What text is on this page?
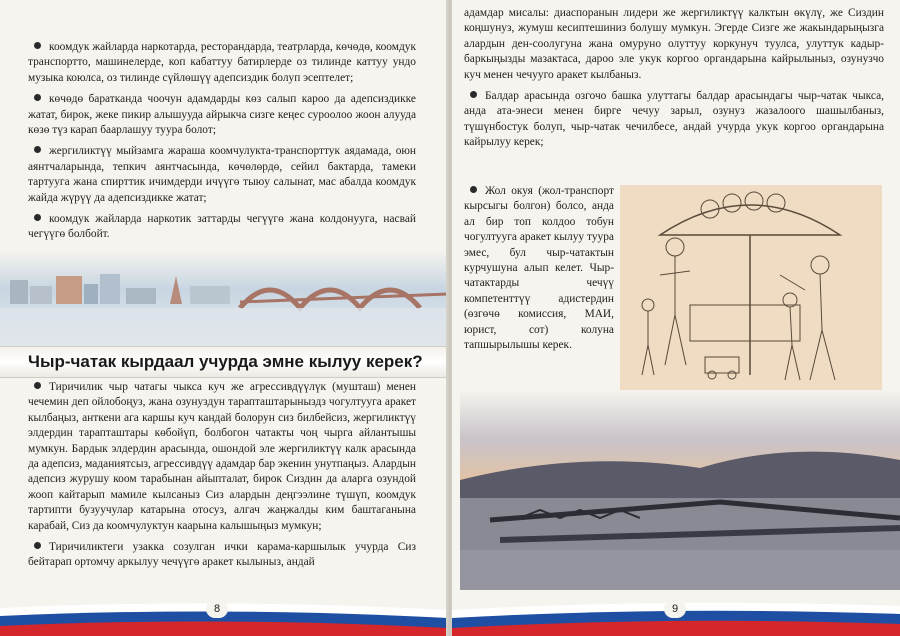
коомдук жайларда наркотарда, ресторандарда, театрларда, көчөдө, коомдук транспортто, машинелерде, коп кабаттуу батирлерде оз тилинде каттуу ундо музыка коюлса, оз тилинде сүйлөшүү адепсиздик болуп эсептелет;

көчөдө баратканда чоочун адамдарды көз салып кароо да адепсиздикке жатат, бирок, жеке пикир алышууда айрыкча сизге кеңес суроолоо жоон алууда көзө түз карап баарлашуу туура болот;

жергиликтүү мыйзамга жараша коомчулукта-транспорттук аядамада, оюн аянтчаларында, тепкич аянтчасында, көчөлөрдө, сейил бактарда, тамеки тартууга жана спирттик ичимдерди ичүүгө тыюу салынат, мас абалда коомдук жайда жүрүү да адепсиздикке жатат;

коомдук жайларда наркотик заттарды чегүүгө жана колдонууга, насвай чегүүгө болбойт.

Чыр-чатак кырдаал учурда эмне кылуу керек?

Тиричилик чыр чатагы чыкса куч же агрессивдүүлүк (мушташ) менен чечемин деп ойлобоңуз, жана озунуздун тарапташтарыныздз чогултууга аракет кылбаңыз, анткени ага каршы куч кандай болорун сиз билбейсиз, жергиликтүү элдердин тарапташтары көбойүп, болбогон чатакты чоң чырга айлантышы мумкун. Бардык элдердин арасында, ошондой эле жергиликтүү калк арасында да адепсиз, маданиятсыз, агрессивдүү адамдар бар экенин унутпаңыз. Алардын адепсиз журушу коом тарабынан айыпталат, бирок Сиздин да аларга озундой жооп кайтарып мамиле кылсаныз Сиз алардын деңгээлине түшүп, коомдук тартипти бузуучулар катарына отосуз, алгач жаңжалды ким баштаганына карабай, Сиз да коомчулуктун каарына калышыңыз мумкун;

Тиричиликтеги узакка созулган ички карама-каршылык учурда Сиз бейтарап ортомчу аркылуу чечүүгө аракет кылыныз, андай

8

адамдар мисалы: диаспоранын лидери же жергиликтүү калктын өкүлү, же Сиздин коңшунуз, жумуш кесиптешиниз болушу мумкун. Эгерде Сизге же жакындарыңызга алардын ден-соолугуна жана омуруно олуттуу коркунуч туулса, улуттук кадыр-баркыңызды мазактаса, дароо эле укук коргоо органдарына кайрылыныз, озунузчо куч менен чечууго аракет кылбаныз.

Балдар арасында озгочо башка улуттагы балдар арасындагы чыр-чатак чыкса, анда ата-энеси менен бирге чечуу зарыл, озунуз жазалоого шашылбаныз, түшүнбостук болуп, чыр-чатак чечилбесе, андай учурда укук коргоо органдарына кайрылуу керек;

Жол окуя (жол-транспорт кырсыгы болгон) болсо, анда ал бир топ колдоо тобун чогултууга аракет кылуу туура эмес, бул чыр-чатактын курчушуна алып келет. Чыр-чатактарды чечүү компетенттүү адистердин (өзгөчө комиссия, МАИ, юрист, сот) колуна тапшырылышы керек.

9
